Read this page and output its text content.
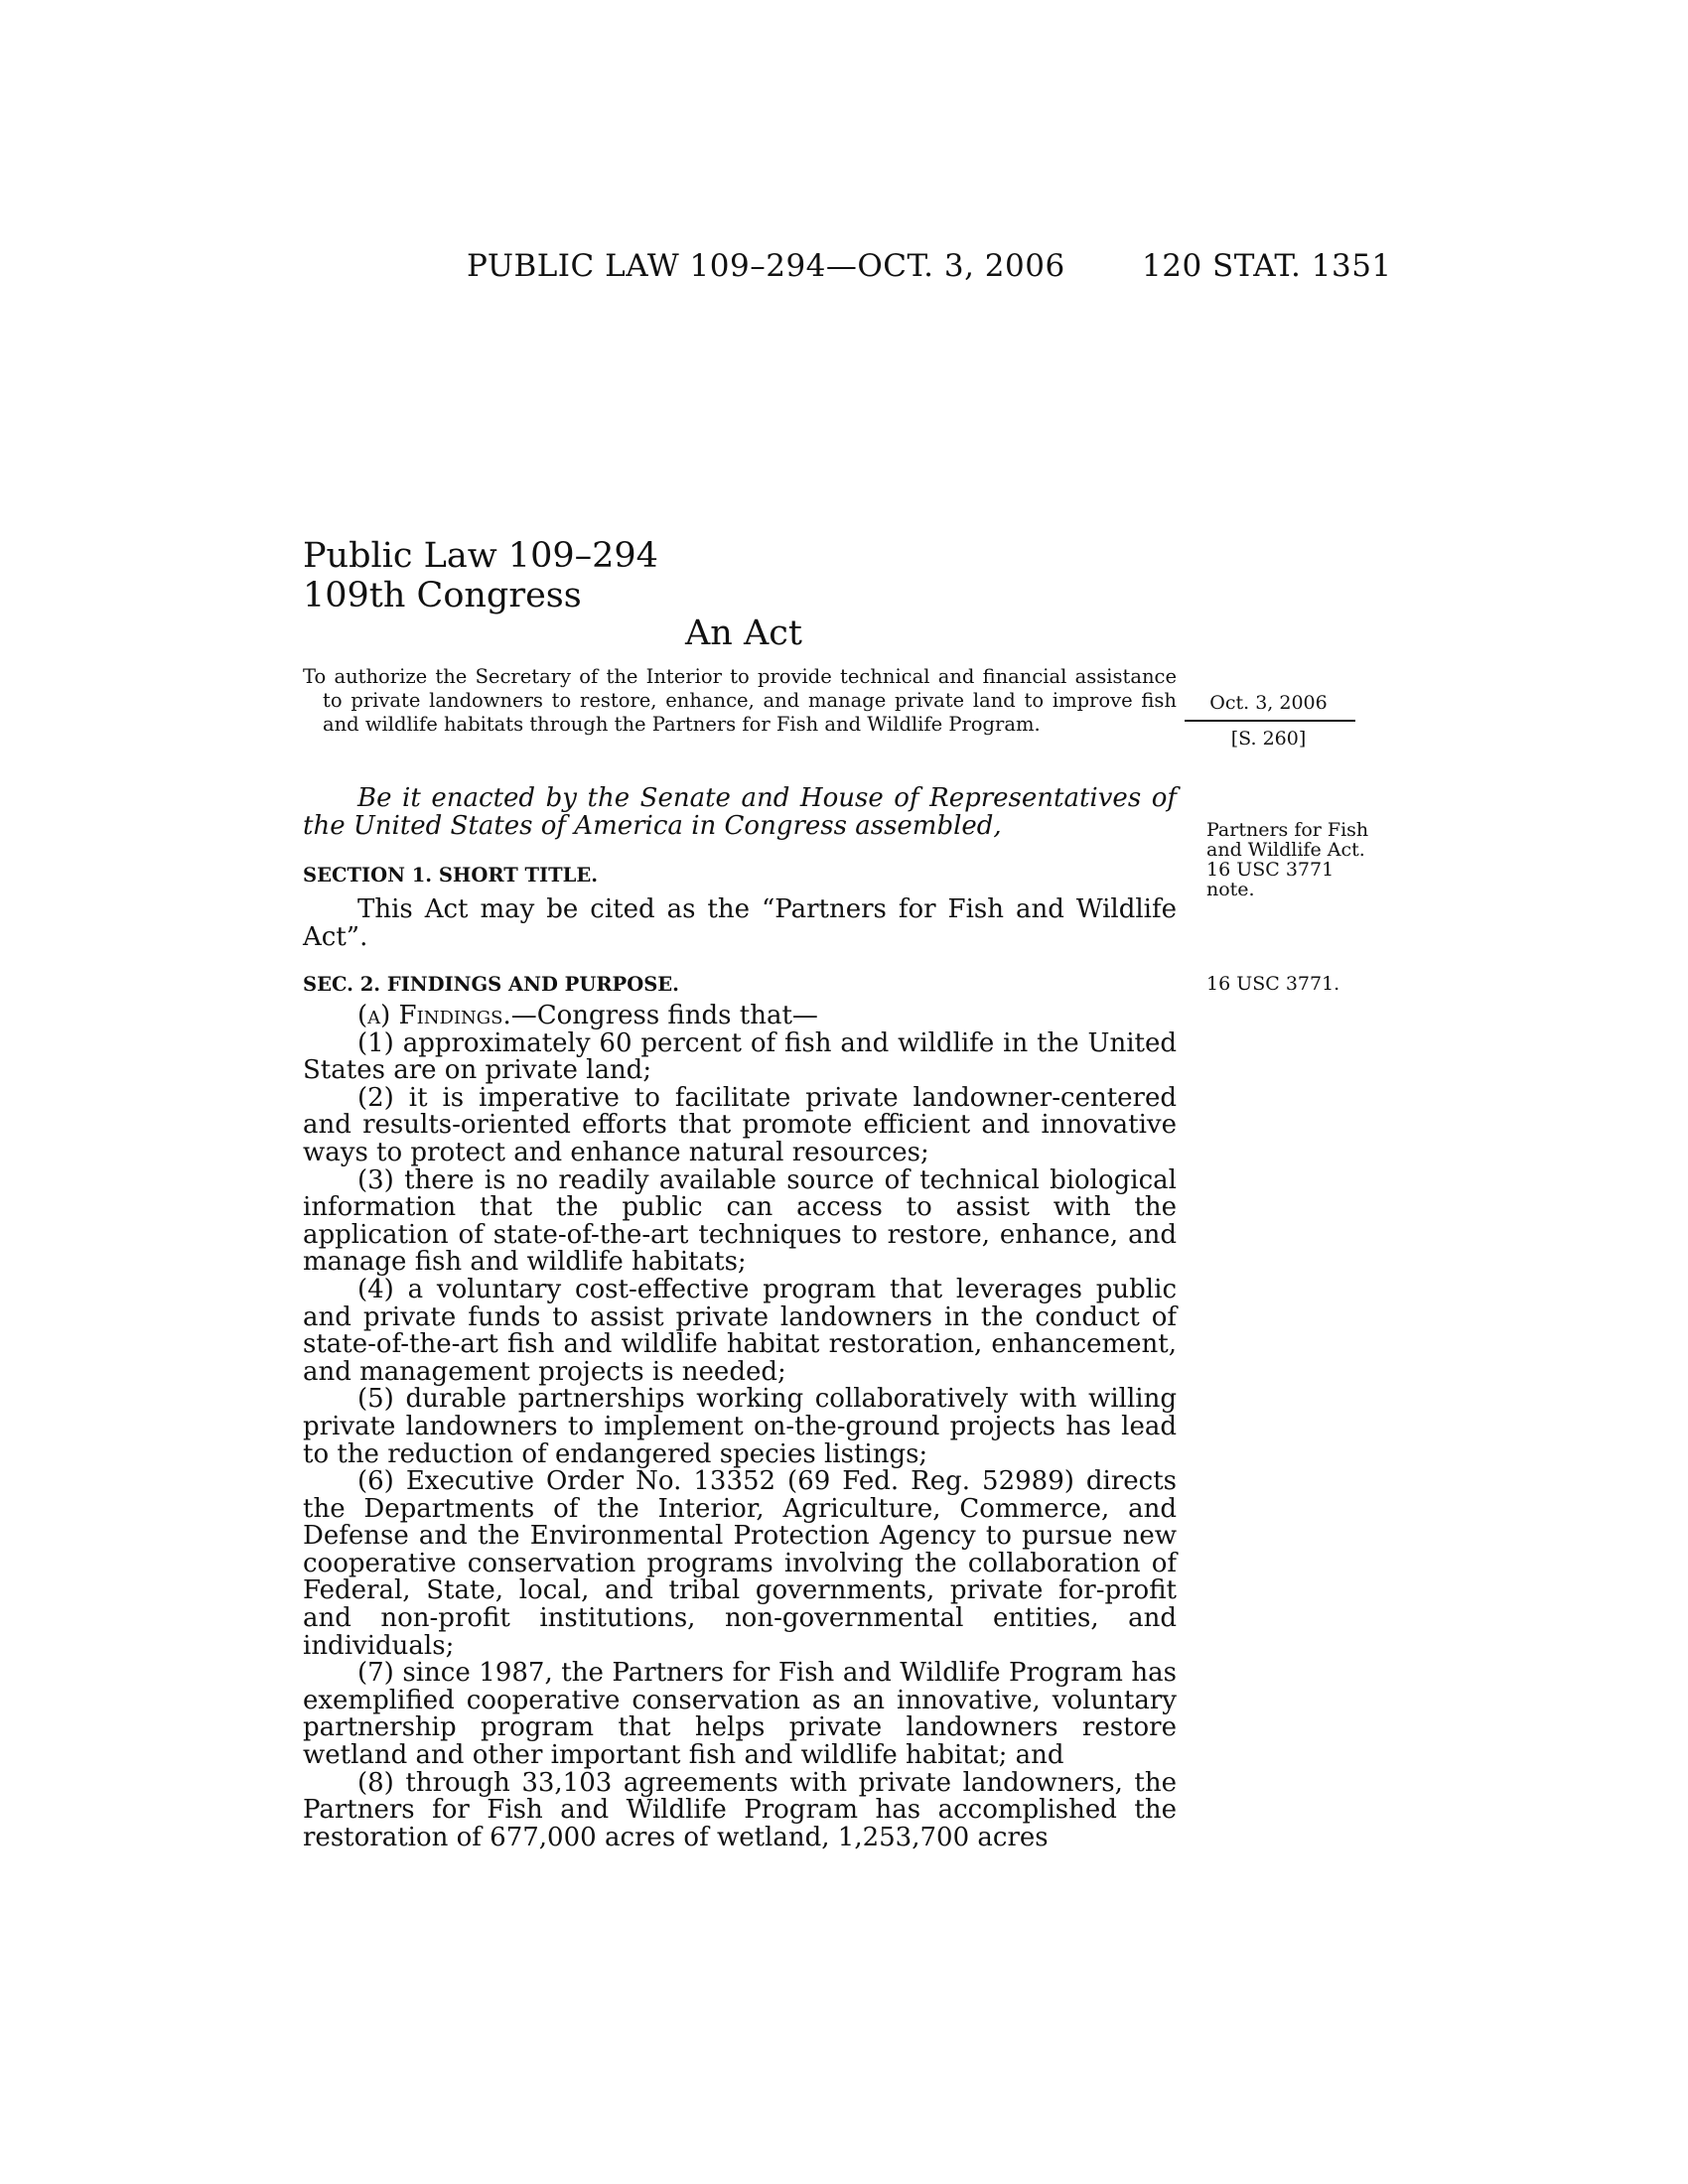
PUBLIC LAW 109–294—OCT. 3, 2006 120 STAT. 1351
Public Law 109–294
109th Congress
An Act
To authorize the Secretary of the Interior to provide technical and financial assistance to private landowners to restore, enhance, and manage private land to improve fish and wildlife habitats through the Partners for Fish and Wildlife Program.
Oct. 3, 2006
[S. 260]
Be it enacted by the Senate and House of Representatives of the United States of America in Congress assembled,	Partners for Fish and Wildlife Act. 16 USC 3771 note.
SECTION 1. SHORT TITLE.
This Act may be cited as the “Partners for Fish and Wildlife Act”.
SEC. 2. FINDINGS AND PURPOSE.	16 USC 3771.

(a) Findings.—Congress finds that—

(1) approximately 60 percent of fish and wildlife in the United States are on private land;

(2) it is imperative to facilitate private landowner-centered and results-oriented efforts that promote efficient and innovative ways to protect and enhance natural resources;

(3) there is no readily available source of technical biological information that the public can access to assist with the application of state-of-the-art techniques to restore, enhance, and manage fish and wildlife habitats;

(4) a voluntary cost-effective program that leverages public and private funds to assist private landowners in the conduct of state-of-the-art fish and wildlife habitat restoration, enhancement, and management projects is needed;

(5) durable partnerships working collaboratively with willing private landowners to implement on-the-ground projects has lead to the reduction of endangered species listings;

(6) Executive Order No. 13352 (69 Fed. Reg. 52989) directs the Departments of the Interior, Agriculture, Commerce, and Defense and the Environmental Protection Agency to pursue new cooperative conservation programs involving the collaboration of Federal, State, local, and tribal governments, private for-profit and non-profit institutions, non-governmental entities, and individuals;

(7) since 1987, the Partners for Fish and Wildlife Program has exemplified cooperative conservation as an innovative, voluntary partnership program that helps private landowners restore wetland and other important fish and wildlife habitat; and

(8) through 33,103 agreements with private landowners, the Partners for Fish and Wildlife Program has accomplished the restoration of 677,000 acres of wetland, 1,253,700 acres
